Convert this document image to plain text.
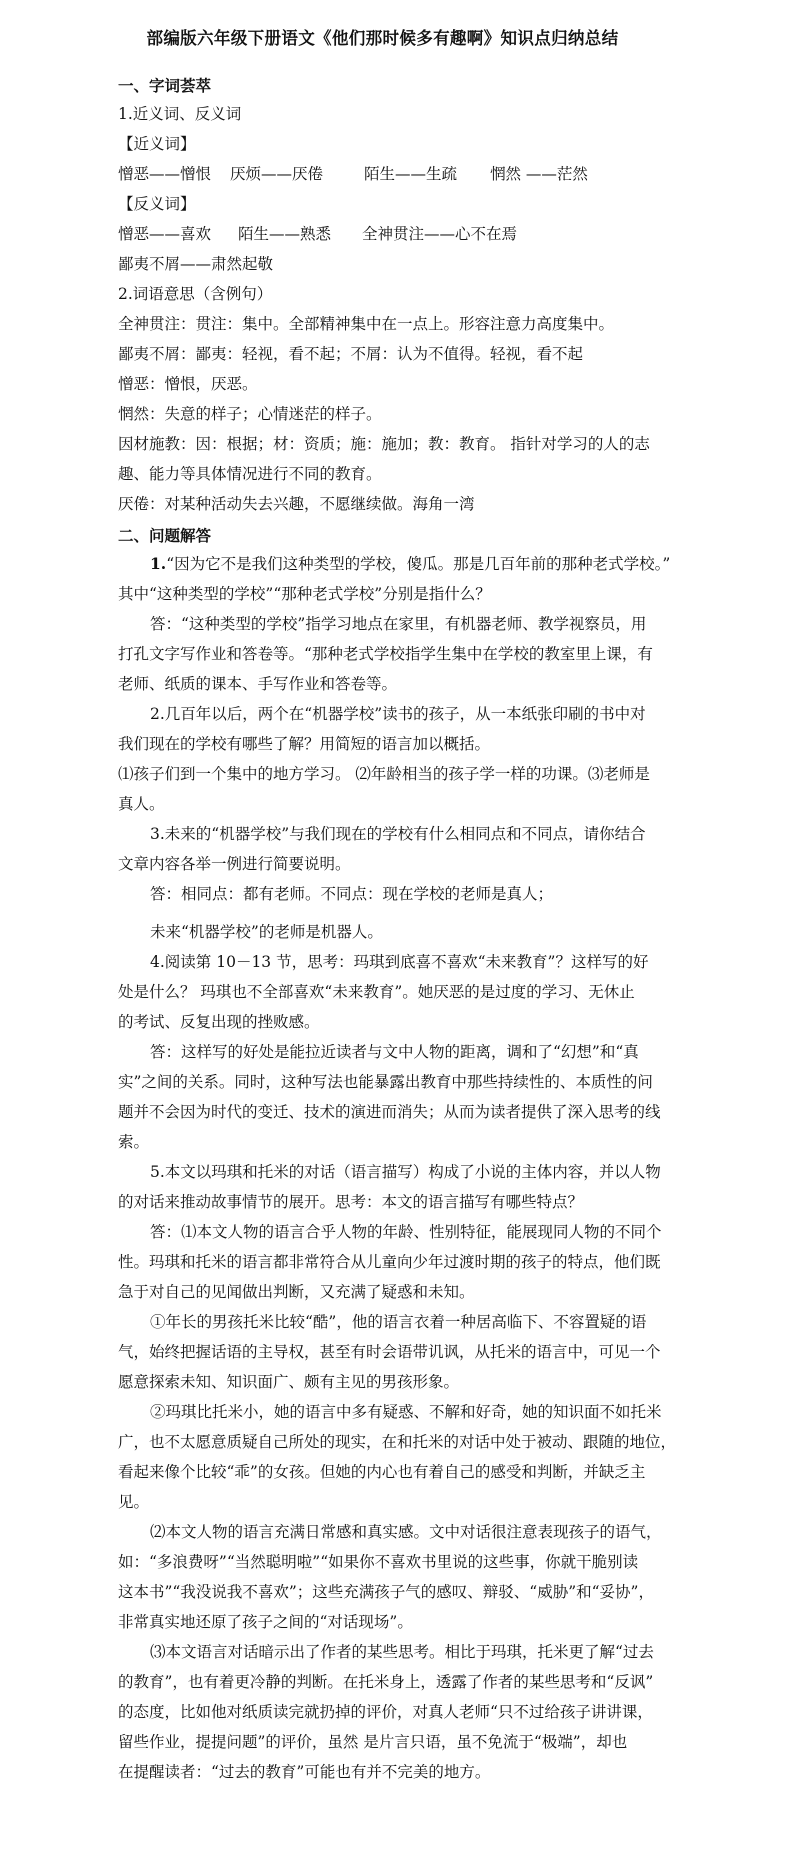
部编版六年级下册语文《他们那时候多有趣啊》知识点归纳总结
一、字词荟萃
1.近义词、反义词
【近义词】
憎恶——憎恨 厌烦——厌倦	陌生——生疏 惘然 ——茫然
【反义词】
憎恶——喜欢 陌生——熟悉 全神贯注——心不在焉
鄙夷不屑——肃然起敬
2.词语意思（含例句）
全神贯注：贯注：集中。全部精神集中在一点上。形容注意力高度集中。
鄙夷不屑：鄙夷：轻视，看不起；不屑：认为不值得。轻视，看不起
憎恶：憎恨，厌恶。
惘然：失意的样子；心情迷茫的样子。
因材施教：因：根据；材：资质；施：施加；教：教育。 指针对学习的人的志
趣、能力等具体情况进行不同的教育。
厌倦：对某种活动失去兴趣，不愿继续做。海角一湾
二、问题解答
1.“因为它不是我们这种类型的学校，傻瓜。那是几百年前的那种老式学校。”
其中“这种类型的学校”“那种老式学校”分别是指什么？
答：“这种类型的学校”指学习地点在家里，有机器老师、教学视察员，用
打孔文字写作业和答卷等。“那种老式学校指学生集中在学校的教室里上课，有
老师、纸质的课本、手写作业和答卷等。
2.几百年以后，两个在“机器学校”读书的孩子，从一本纸张印刷的书中对
我们现在的学校有哪些了解？用简短的语言加以概括。
⑴孩子们到一个集中的地方学习。 ⑵年龄相当的孩子学一样的功课。⑶老师是
真人。
3.未来的“机器学校”与我们现在的学校有什么相同点和不同点，请你结合
文章内容各举一例进行简要说明。
答：相同点：都有老师。不同点：现在学校的老师是真人；
未来“机器学校”的老师是机器人。
4.阅读第 10－13 节，思考：玛琪到底喜不喜欢“未来教育”？这样写的好
处是什么？ 玛琪也不全部喜欢“未来教育”。她厌恶的是过度的学习、无休止
的考试、反复出现的挫败感。
答：这样写的好处是能拉近读者与文中人物的距离，调和了“幻想”和“真
实”之间的关系。同时，这种写法也能暴露出教育中那些持续性的、本质性的问
题并不会因为时代的变迁、技术的演进而消失；从而为读者提供了深入思考的线
索。
5.本文以玛琪和托米的对话（语言描写）构成了小说的主体内容，并以人物
的对话来推动故事情节的展开。思考：本文的语言描写有哪些特点？
答：⑴本文人物的语言合乎人物的年龄、性别特征，能展现同人物的不同个
性。玛琪和托米的语言都非常符合从儿童向少年过渡时期的孩子的特点，他们既
急于对自己的见闻做出判断，又充满了疑惑和未知。
①年长的男孩托米比较“酷”，他的语言衣着一种居高临下、不容置疑的语
气，始终把握话语的主导权，甚至有时会语带讥讽，从托米的语言中，可见一个
愿意探索未知、知识面广、颇有主见的男孩形象。
②玛琪比托米小，她的语言中多有疑惑、不解和好奇，她的知识面不如托米
广，也不太愿意质疑自己所处的现实，在和托米的对话中处于被动、跟随的地位，
看起来像个比较“乖”的女孩。但她的内心也有着自己的感受和判断，并缺乏主
见。
⑵本文人物的语言充满日常感和真实感。文中对话很注意表现孩子的语气，
如：“多浪费呀”“当然聪明啦”“如果你不喜欢书里说的这些事，你就干脆别读
这本书”“我没说我不喜欢”；这些充满孩子气的感叹、辩驳、“威胁”和“妥协”，
非常真实地还原了孩子之间的“对话现场”。
⑶本文语言对话暗示出了作者的某些思考。相比于玛琪，托米更了解“过去
的教育”，也有着更冷静的判断。在托米身上，透露了作者的某些思考和“反讽”
的态度，比如他对纸质读完就扔掉的评价，对真人老师“只不过给孩子讲讲课，
留些作业，提提问题”的评价，虽然 是片言只语，虽不免流于“极端”，却也
在提醒读者：“过去的教育”可能也有并不完美的地方。
